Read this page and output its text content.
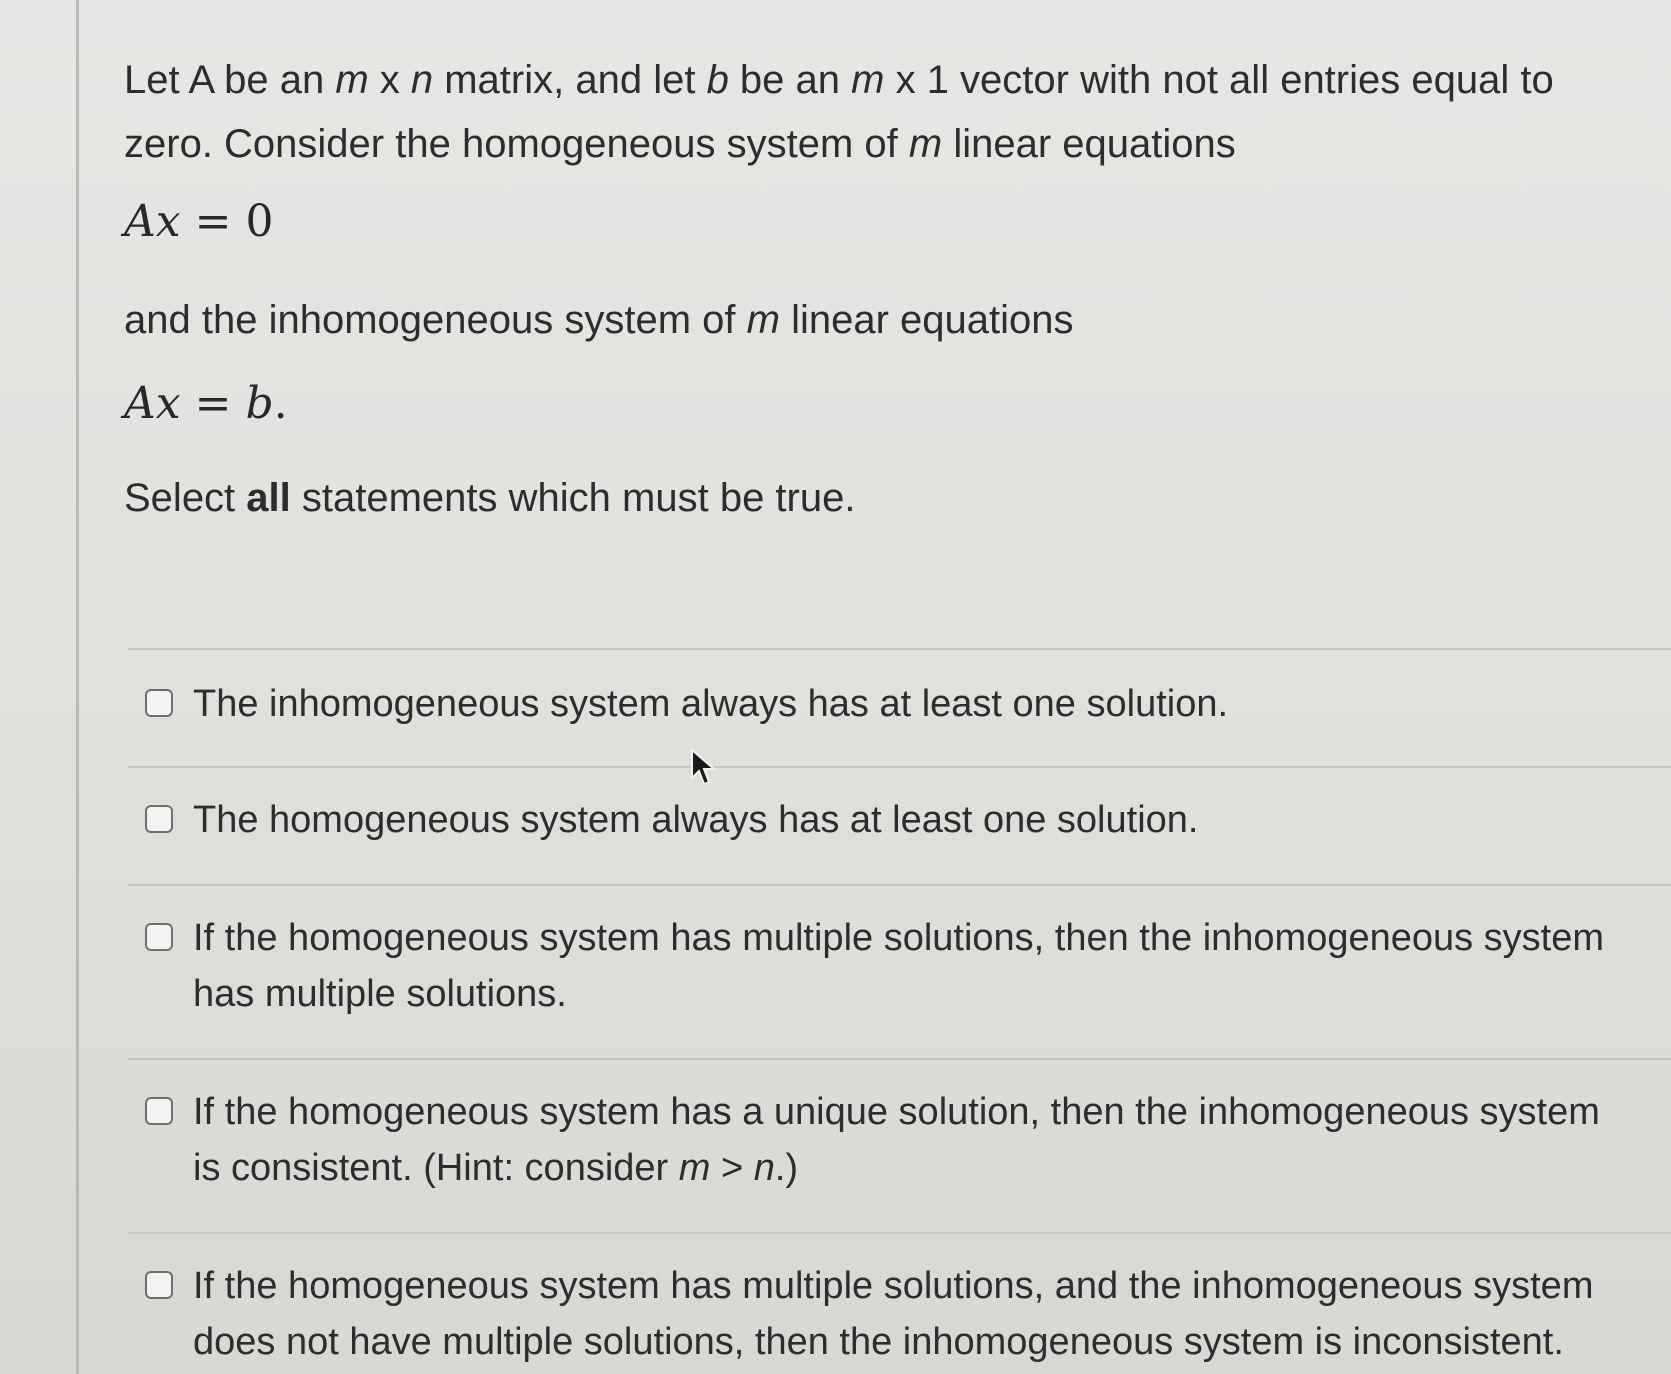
Let A be an m x n matrix, and let b be an m x 1 vector with not all entries equal to
zero. Consider the homogeneous system of m linear equations

Ax = 0

and the inhomogeneous system of m linear equations

Ax = b.

Select all statements which must be true.

The inhomogeneous system always has at least one solution.
The homogeneous system always has at least one solution.
If the homogeneous system has multiple solutions, then the inhomogeneous system has multiple solutions.
If the homogeneous system has a unique solution, then the inhomogeneous system is consistent. (Hint: consider m > n.)
If the homogeneous system has multiple solutions, and the inhomogeneous system does not have multiple solutions, then the inhomogeneous system is inconsistent.
